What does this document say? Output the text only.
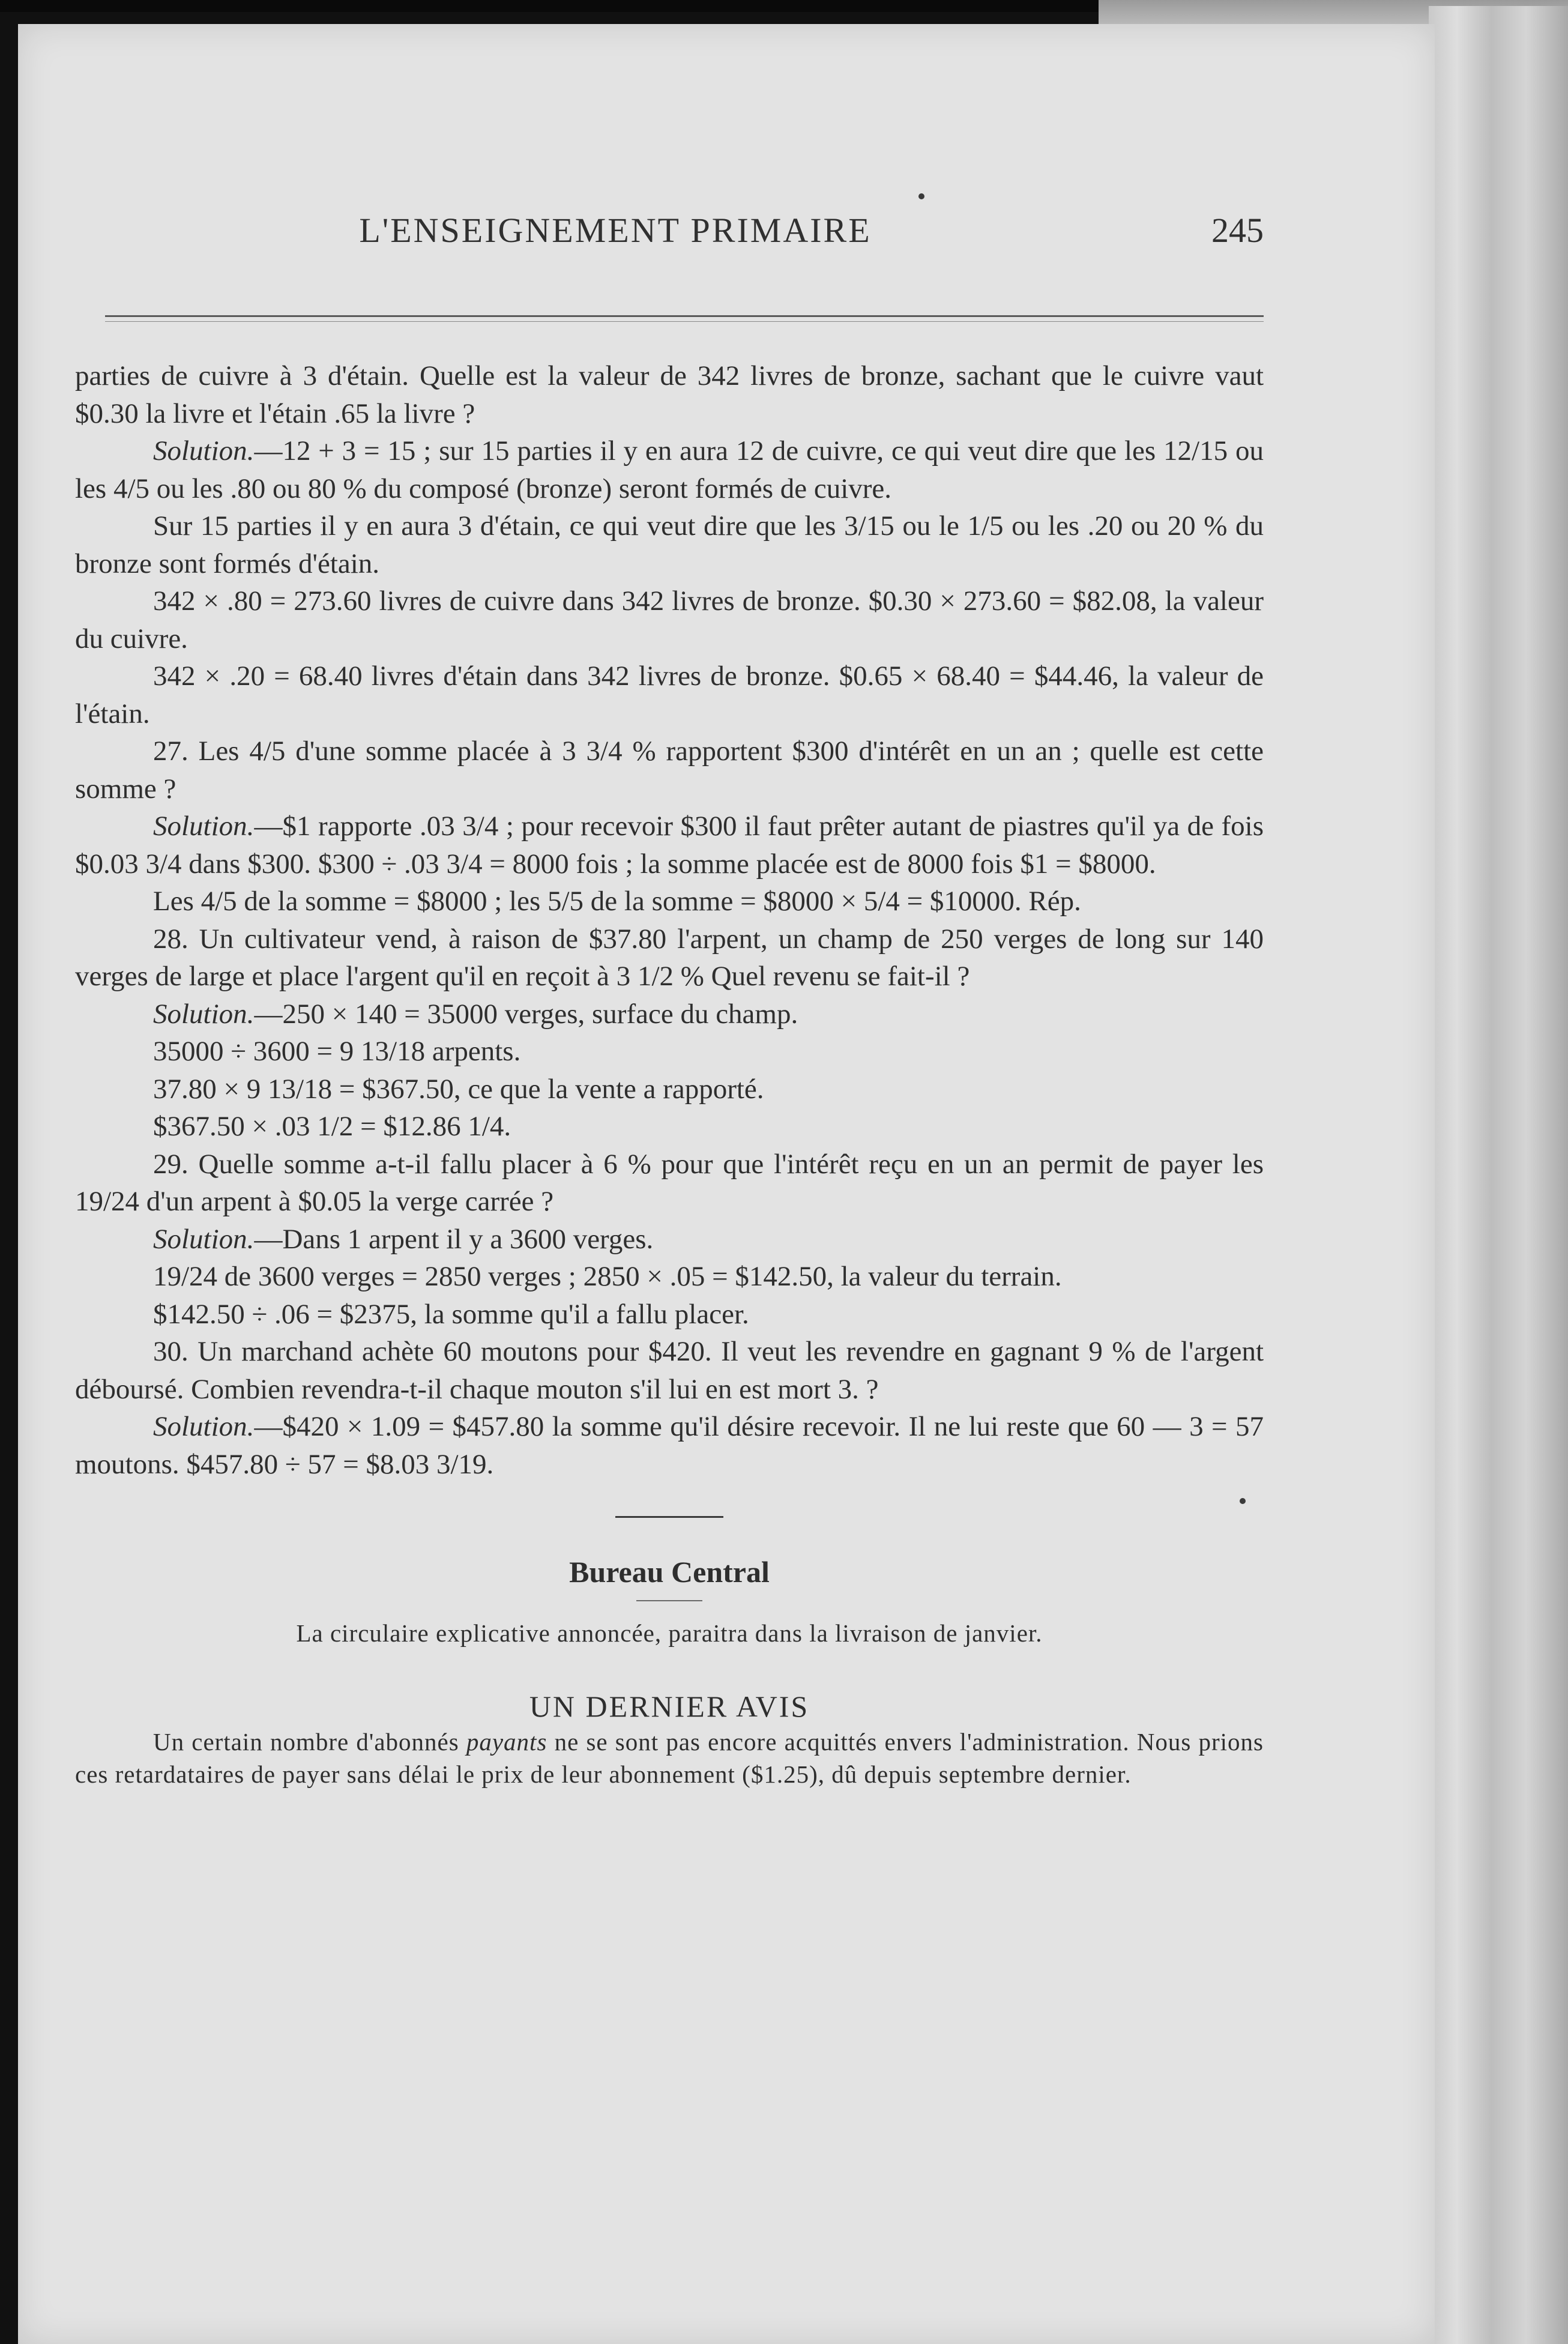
L'ENSEIGNEMENT PRIMAIRE	245

parties de cuivre à 3 d'étain. Quelle est la valeur de 342 livres de bronze, sachant que le cuivre vaut $0.30 la livre et l'étain .65 la livre ?

Solution.—12 + 3 = 15 ; sur 15 parties il y en aura 12 de cuivre, ce qui veut dire que les 12/15 ou les 4/5 ou les .80 ou 80 % du composé (bronze) seront formés de cuivre.

Sur 15 parties il y en aura 3 d'étain, ce qui veut dire que les 3/15 ou le 1/5 ou les .20 ou 20 % du bronze sont formés d'étain.

342 × .80 = 273.60 livres de cuivre dans 342 livres de bronze. $0.30 × 273.60 = $82.08, la valeur du cuivre.

342 × .20 = 68.40 livres d'étain dans 342 livres de bronze. $0.65 × 68.40 = $44.46, la valeur de l'étain.

27. Les 4/5 d'une somme placée à 3 3/4 % rapportent $300 d'intérêt en un an ; quelle est cette somme ?

Solution.—$1 rapporte .03 3/4 ; pour recevoir $300 il faut prêter autant de piastres qu'il ya de fois $0.03 3/4 dans $300. $300 ÷ .03 3/4 = 8000 fois ; la somme placée est de 8000 fois $1 = $8000.

Les 4/5 de la somme = $8000 ; les 5/5 de la somme = $8000 × 5/4 = $10000. Rép.

28. Un cultivateur vend, à raison de $37.80 l'arpent, un champ de 250 verges de long sur 140 verges de large et place l'argent qu'il en reçoit à 3 1/2 % Quel revenu se fait-il ?

Solution.—250 × 140 = 35000 verges, surface du champ.

35000 ÷ 3600 = 9 13/18 arpents.

37.80 × 9 13/18 = $367.50, ce que la vente a rapporté.

$367.50 × .03 1/2 = $12.86 1/4.

29. Quelle somme a-t-il fallu placer à 6 % pour que l'intérêt reçu en un an permit de payer les 19/24 d'un arpent à $0.05 la verge carrée ?

Solution.—Dans 1 arpent il y a 3600 verges.

19/24 de 3600 verges = 2850 verges ; 2850 × .05 = $142.50, la valeur du terrain.

$142.50 ÷ .06 = $2375, la somme qu'il a fallu placer.

30. Un marchand achète 60 moutons pour $420. Il veut les revendre en gagnant 9 % de l'argent déboursé. Combien revendra-t-il chaque mouton s'il lui en est mort 3. ?

Solution.—$420 × 1.09 = $457.80 la somme qu'il désire recevoir. Il ne lui reste que 60 — 3 = 57 moutons. $457.80 ÷ 57 = $8.03 3/19.

Bureau Central
La circulaire explicative annoncée, paraitra dans la livraison de janvier.
UN DERNIER AVIS

Un certain nombre d'abonnés payants ne se sont pas encore acquittés envers l'administration. Nous prions ces retardataires de payer sans délai le prix de leur abonnement ($1.25), dû depuis septembre dernier.
